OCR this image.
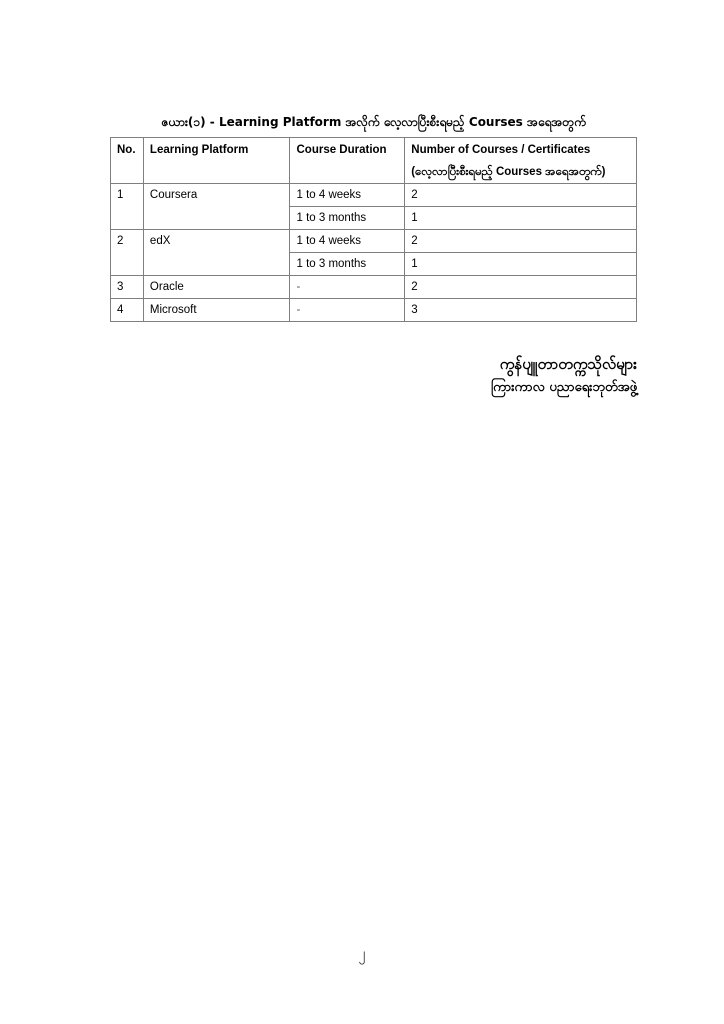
ဇယား(၁) - Learning Platform အလိုက် လေ့လာပြီးစီးရမည့် Courses အရေအတွက်
No.	Learning Platform	Course Duration	Number of Courses / Certificates
(လေ့လာပြီးစီးရမည့် Courses အရေအတွက်)

1	Coursera	1 to 4 weeks	2
		1 to 3 months	1
2	edX	1 to 4 weeks	2
		1 to 3 months	1
3	Oracle	-	2
4	Microsoft	-	3
ကွန်ပျူတာတက္ကသိုလ်များ
ကြားကာလ ပညာရေးဘုတ်အဖွဲ့
၂
